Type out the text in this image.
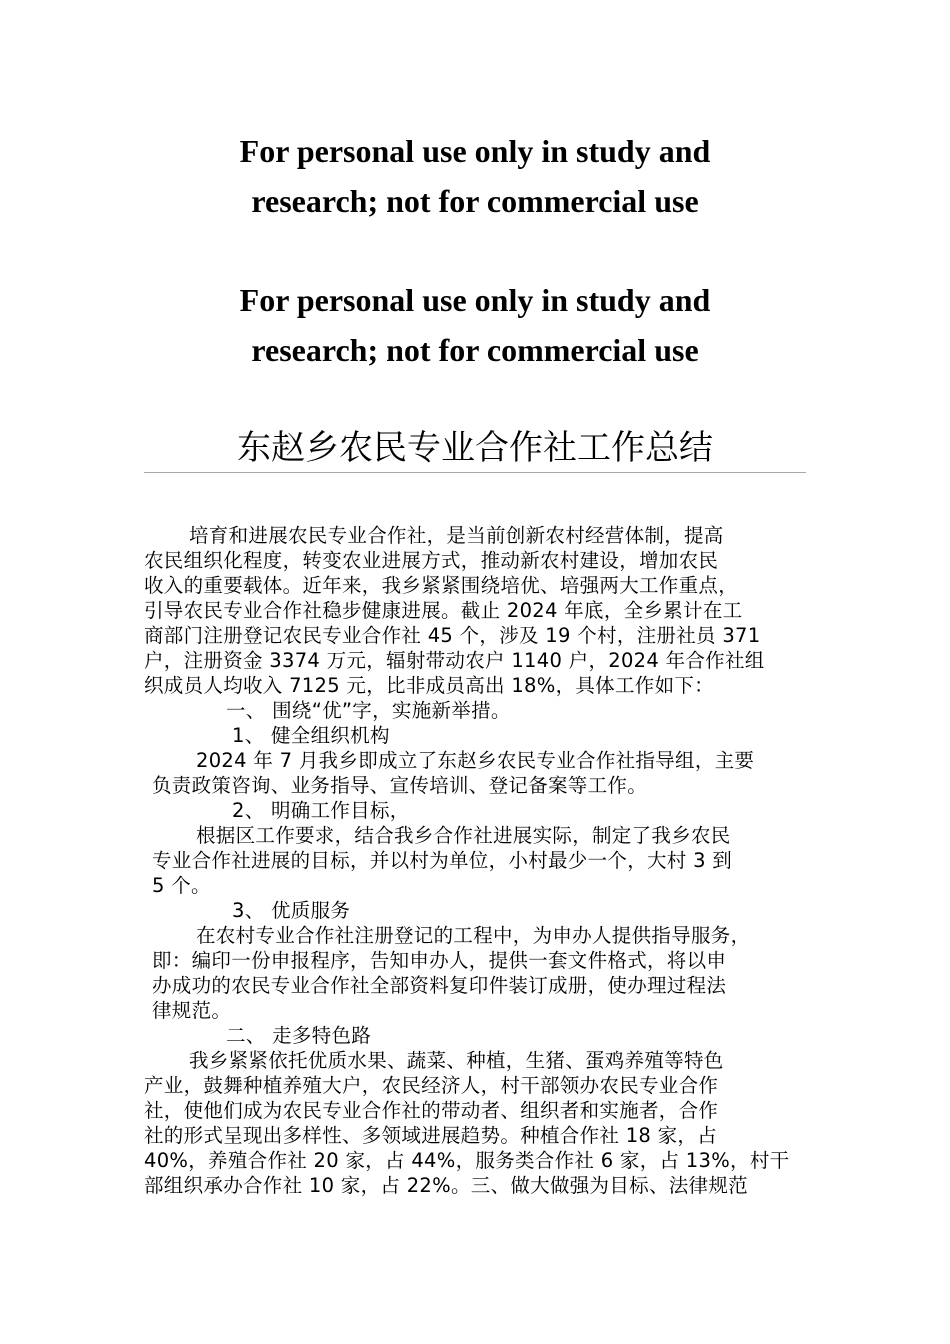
For personal use only in study and
research; not for commercial use
For personal use only in study and
research; not for commercial use
东赵乡农民专业合作社工作总结
培育和进展农民专业合作社，是当前创新农村经营体制，提高
农民组织化程度，转变农业进展方式，推动新农村建设，增加农民
收入的重要载体。近年来，我乡紧紧围绕培优、培强两大工作重点，
引导农民专业合作社稳步健康进展。截止 2024 年底，全乡累计在工
商部门注册登记农民专业合作社 45 个，涉及 19 个村，注册社员 371
户，注册资金 3374 万元，辐射带动农户 1140 户，2024 年合作社组
织成员人均收入 7125 元，比非成员高出 18%，具体工作如下：
一、 围绕“优”字，实施新举措。
1、 健全组织机构
2024 年 7 月我乡即成立了东赵乡农民专业合作社指导组，主要
负责政策咨询、业务指导、宣传培训、登记备案等工作。
2、 明确工作目标，
根据区工作要求，结合我乡合作社进展实际，制定了我乡农民
专业合作社进展的目标，并以村为单位，小村最少一个，大村 3 到
5 个。
3、 优质服务
在农村专业合作社注册登记的工程中，为申办人提供指导服务，
即：编印一份申报程序，告知申办人，提供一套文件格式，将以申
办成功的农民专业合作社全部资料复印件装订成册，使办理过程法
律规范。
二、 走多特色路
我乡紧紧依托优质水果、蔬菜、种植，生猪、蛋鸡养殖等特色
产业，鼓舞种植养殖大户，农民经济人，村干部领办农民专业合作
社，使他们成为农民专业合作社的带动者、组织者和实施者，合作
社的形式呈现出多样性、多领域进展趋势。种植合作社 18 家，占
40%，养殖合作社 20 家，占 44%，服务类合作社 6 家，占 13%，村干
部组织承办合作社 10 家，占 22%。三、做大做强为目标、法律规范
